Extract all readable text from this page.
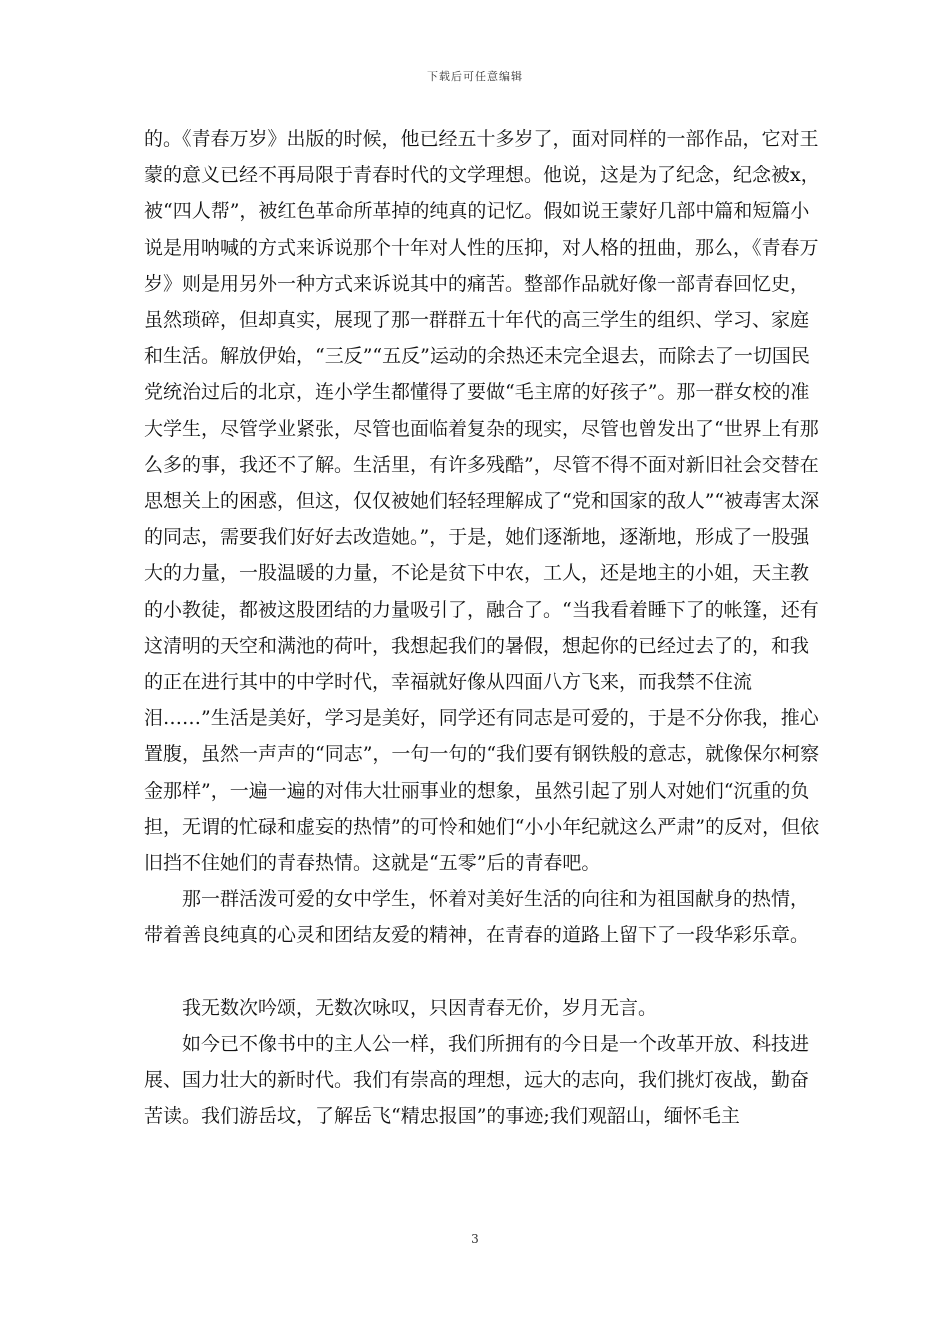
下载后可任意编辑

的。《青春万岁》出版的时候，他已经五十多岁了，面对同样的一部作品，它对王蒙的意义已经不再局限于青春时代的文学理想。他说，这是为了纪念，纪念被x，被“四人帮”，被红色革命所革掉的纯真的记忆。假如说王蒙好几部中篇和短篇小说是用呐喊的方式来诉说那个十年对人性的压抑，对人格的扭曲，那么，《青春万岁》则是用另外一种方式来诉说其中的痛苦。整部作品就好像一部青春回忆史，虽然琐碎，但却真实，展现了那一群群五十年代的高三学生的组织、学习、家庭和生活。解放伊始，“三反”“五反”运动的余热还未完全退去，而除去了一切国民党统治过后的北京，连小学生都懂得了要做“毛主席的好孩子”。那一群女校的准大学生，尽管学业紧张，尽管也面临着复杂的现实，尽管也曾发出了“世界上有那么多的事，我还不了解。生活里，有许多残酷”，尽管不得不面对新旧社会交替在思想关上的困惑，但这，仅仅被她们轻轻理解成了“党和国家的敌人”“被毒害太深的同志，需要我们好好去改造她。”，于是，她们逐渐地，逐渐地，形成了一股强大的力量，一股温暖的力量，不论是贫下中农，工人，还是地主的小姐，天主教的小教徒，都被这股团结的力量吸引了，融合了。“当我看着睡下了的帐篷，还有这清明的天空和满池的荷叶，我想起我们的暑假，想起你的已经过去了的，和我的正在进行其中的中学时代，幸福就好像从四面八方飞来，而我禁不住流泪……”生活是美好，学习是美好，同学还有同志是可爱的，于是不分你我，推心置腹，虽然一声声的“同志”，一句一句的“我们要有钢铁般的意志，就像保尔柯察金那样”，一遍一遍的对伟大壮丽事业的想象，虽然引起了别人对她们“沉重的负担，无谓的忙碌和虚妄的热情”的可怜和她们“小小年纪就这么严肃”的反对，但依旧挡不住她们的青春热情。这就是“五零”后的青春吧。

那一群活泼可爱的女中学生，怀着对美好生活的向往和为祖国献身的热情，带着善良纯真的心灵和团结友爱的精神，在青春的道路上留下了一段华彩乐章。

我无数次吟颂，无数次咏叹，只因青春无价，岁月无言。

如今已不像书中的主人公一样，我们所拥有的今日是一个改革开放、科技进展、国力壮大的新时代。我们有崇高的理想，远大的志向，我们挑灯夜战，勤奋苦读。我们游岳坟，了解岳飞“精忠报国”的事迹;我们观韶山，缅怀毛主

3
